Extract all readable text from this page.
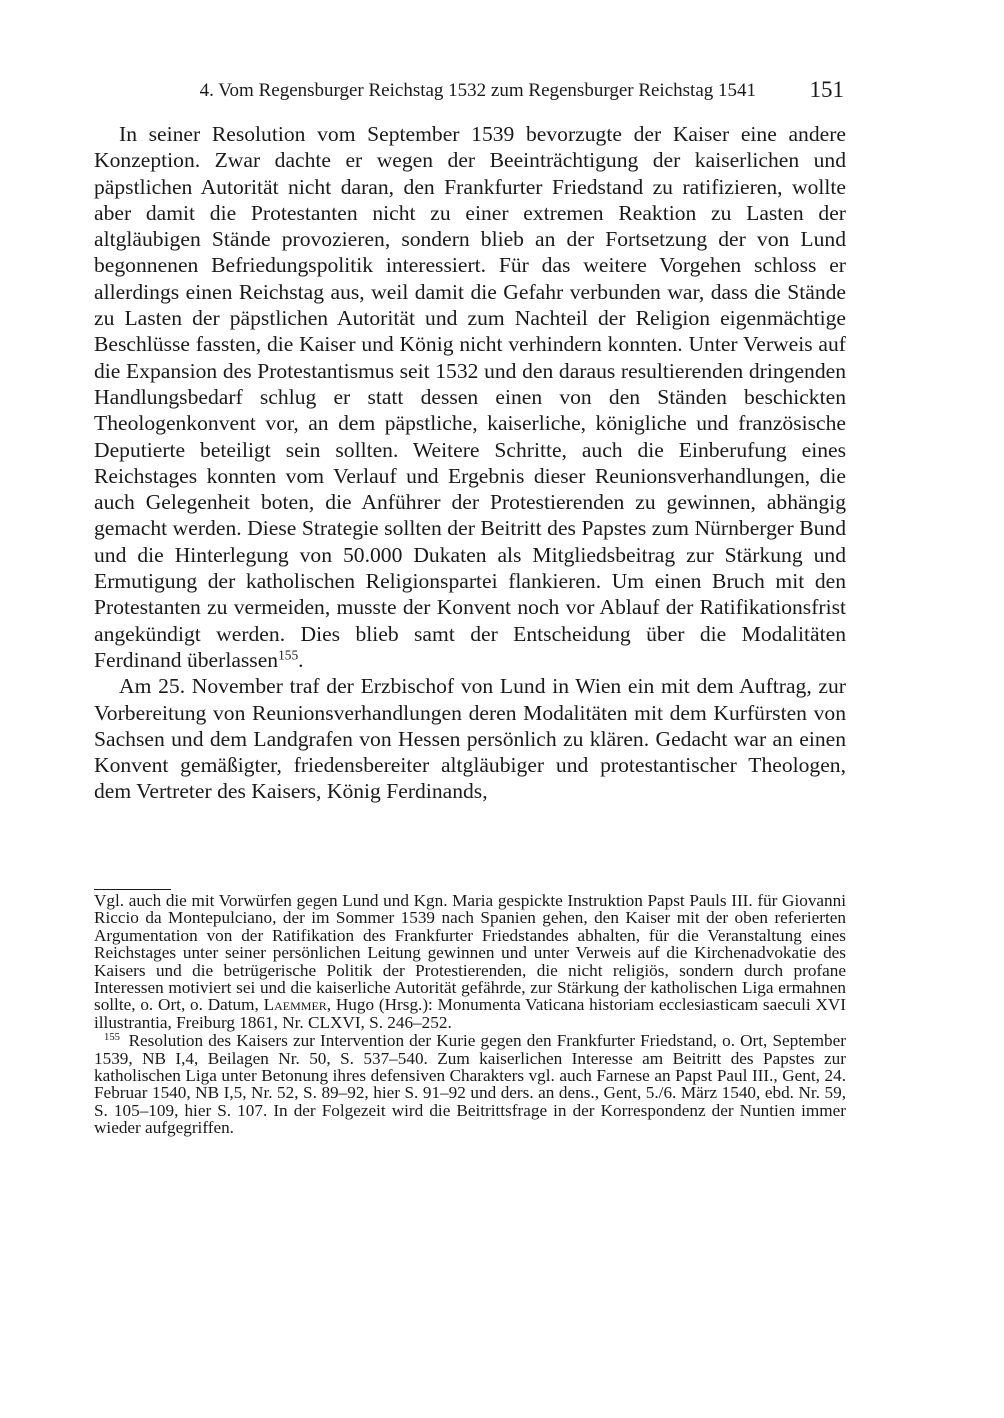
4. Vom Regensburger Reichstag 1532 zum Regensburger Reichstag 1541 151

In seiner Resolution vom September 1539 bevorzugte der Kaiser eine andere Konzeption. Zwar dachte er wegen der Beeinträchtigung der kaiserlichen und päpstlichen Autorität nicht daran, den Frankfurter Friedstand zu ratifizieren, wollte aber damit die Protestanten nicht zu einer extremen Reaktion zu Lasten der altgläubigen Stände provozieren, sondern blieb an der Fortsetzung der von Lund begonnenen Befriedungspolitik interessiert. Für das weitere Vorgehen schloss er allerdings einen Reichstag aus, weil damit die Gefahr verbunden war, dass die Stände zu Lasten der päpstlichen Autorität und zum Nachteil der Religion eigenmächtige Beschlüsse fassten, die Kaiser und König nicht verhindern konnten. Unter Verweis auf die Expansion des Protestantismus seit 1532 und den daraus resultierenden dringenden Handlungsbedarf schlug er statt dessen einen von den Ständen beschickten Theologenkonvent vor, an dem päpstliche, kaiserliche, königliche und französische Deputierte beteiligt sein sollten. Weitere Schritte, auch die Einberufung eines Reichstages konnten vom Verlauf und Ergebnis dieser Reunionsverhandlungen, die auch Gelegenheit boten, die Anführer der Protestierenden zu gewinnen, abhängig gemacht werden. Diese Strategie sollten der Beitritt des Papstes zum Nürnberger Bund und die Hinterlegung von 50.000 Dukaten als Mitgliedsbeitrag zur Stärkung und Ermutigung der katholischen Religionspartei flankieren. Um einen Bruch mit den Protestanten zu vermeiden, musste der Konvent noch vor Ablauf der Ratifikationsfrist angekündigt werden. Dies blieb samt der Entscheidung über die Modalitäten Ferdinand überlassen$^{155}$.

Am 25. November traf der Erzbischof von Lund in Wien ein mit dem Auftrag, zur Vorbereitung von Reunionsverhandlungen deren Modalitäten mit dem Kurfürsten von Sachsen und dem Landgrafen von Hessen persönlich zu klären. Gedacht war an einen Konvent gemäßigter, friedensbereiter altgläubiger und protestantischer Theologen, dem Vertreter des Kaisers, König Ferdinands,

Vgl. auch die mit Vorwürfen gegen Lund und Kgn. Maria gespickte Instruktion Papst Pauls III. für Giovanni Riccio da Montepulciano, der im Sommer 1539 nach Spanien gehen, den Kaiser mit der oben referierten Argumentation von der Ratifikation des Frankfurter Friedstandes abhalten, für die Veranstaltung eines Reichstages unter seiner persönlichen Leitung gewinnen und unter Verweis auf die Kirchenadvokatie des Kaisers und die betrügerische Politik der Protestierenden, die nicht religiös, sondern durch profane Interessen motiviert sei und die kaiserliche Autorität gefährde, zur Stärkung der katholischen Liga ermahnen sollte, o. Ort, o. Datum, Laemmer, Hugo (Hrsg.): Monumenta Vaticana historiam ecclesiasticam saeculi XVI illustrantia, Freiburg 1861, Nr. CLXVI, S. 246–252.

$^{155}$  Resolution des Kaisers zur Intervention der Kurie gegen den Frankfurter Friedstand, o. Ort, September 1539, NB I,4, Beilagen Nr. 50, S. 537–540. Zum kaiserlichen Interesse am Beitritt des Papstes zur katholischen Liga unter Betonung ihres defensiven Charakters vgl. auch Farnese an Papst Paul III., Gent, 24. Februar 1540, NB I,5, Nr. 52, S. 89–92, hier S. 91–92 und ders. an dens., Gent, 5./6. März 1540, ebd. Nr. 59, S. 105–109, hier S. 107. In der Folgezeit wird die Beitrittsfrage in der Korrespondenz der Nuntien immer wieder aufgegriffen.
